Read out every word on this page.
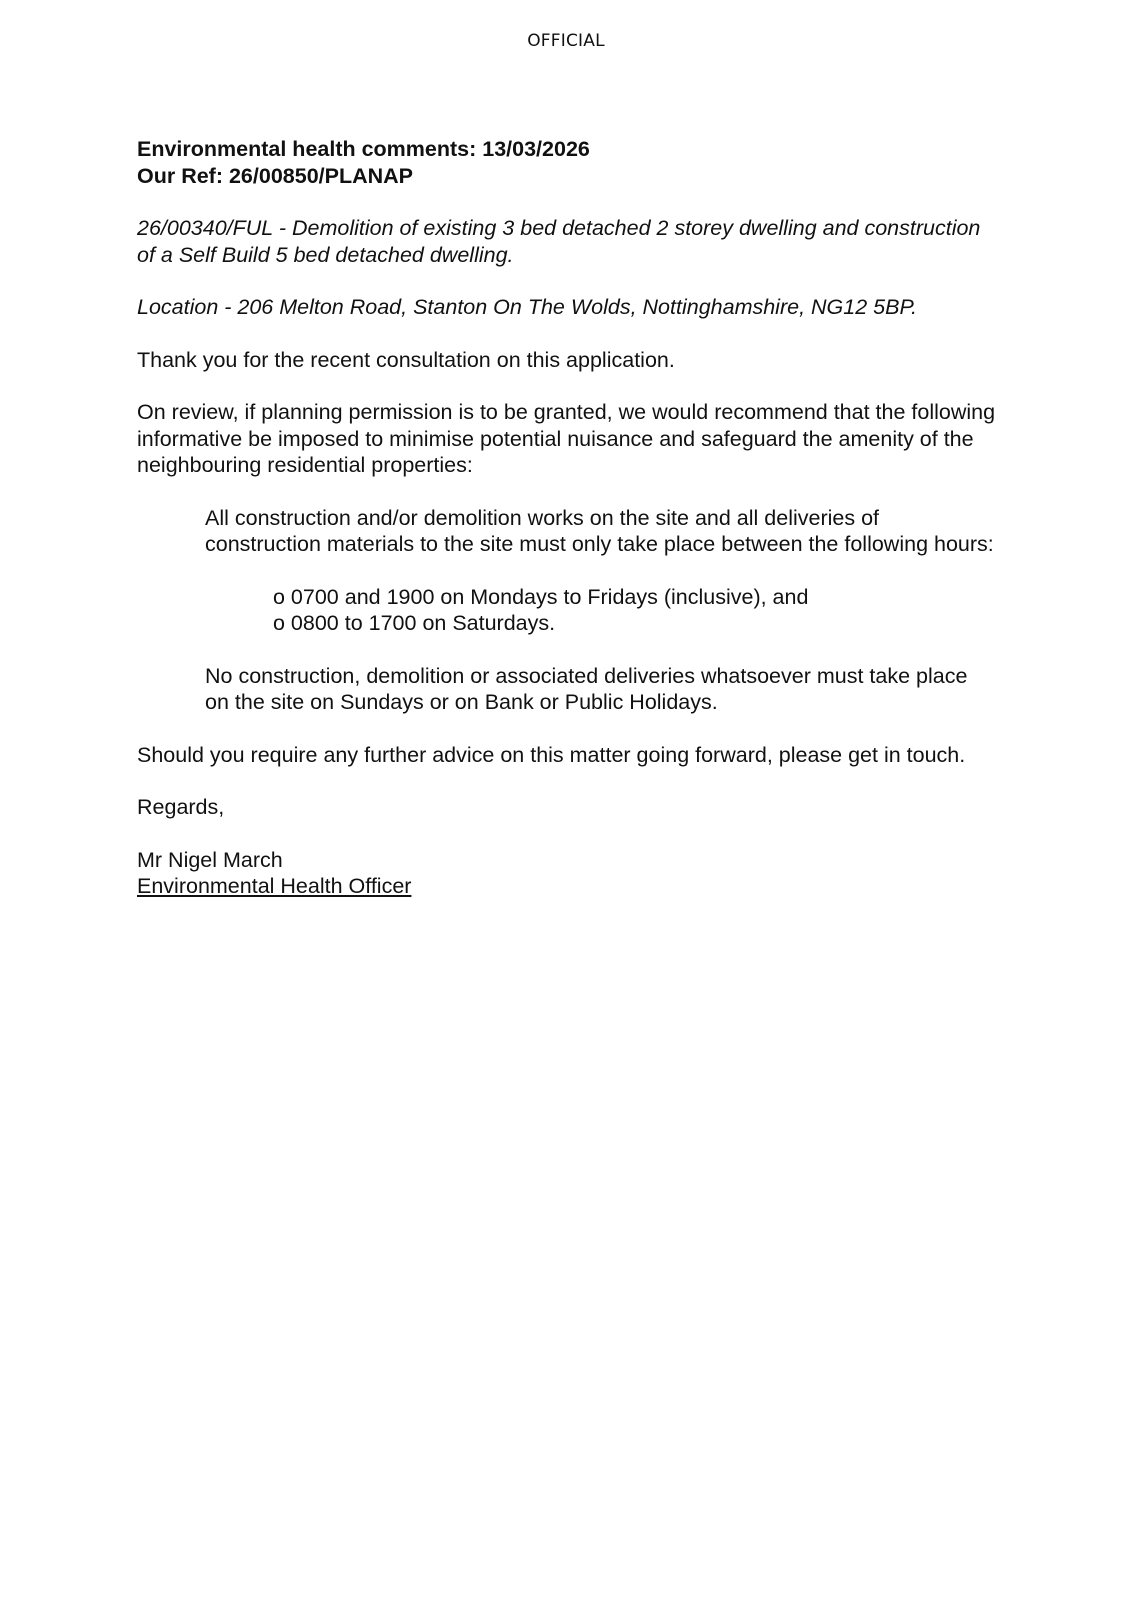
OFFICIAL

Environmental health comments: 13/03/2026

Our Ref: 26/00850/PLANAP

26/00340/FUL - Demolition of existing 3 bed detached 2 storey dwelling and construction of a Self Build 5 bed detached dwelling.

Location - 206 Melton Road, Stanton On The Wolds, Nottinghamshire, NG12 5BP.

Thank you for the recent consultation on this application.

On review, if planning permission is to be granted, we would recommend that the following informative be imposed to minimise potential nuisance and safeguard the amenity of the neighbouring residential properties:

All construction and/or demolition works on the site and all deliveries of construction materials to the site must only take place between the following hours:

o 0700 and 1900 on Mondays to Fridays (inclusive), and
o 0800 to 1700 on Saturdays.

No construction, demolition or associated deliveries whatsoever must take place on the site on Sundays or on Bank or Public Holidays.

Should you require any further advice on this matter going forward, please get in touch.

Regards,

Mr Nigel March
Environmental Health Officer
